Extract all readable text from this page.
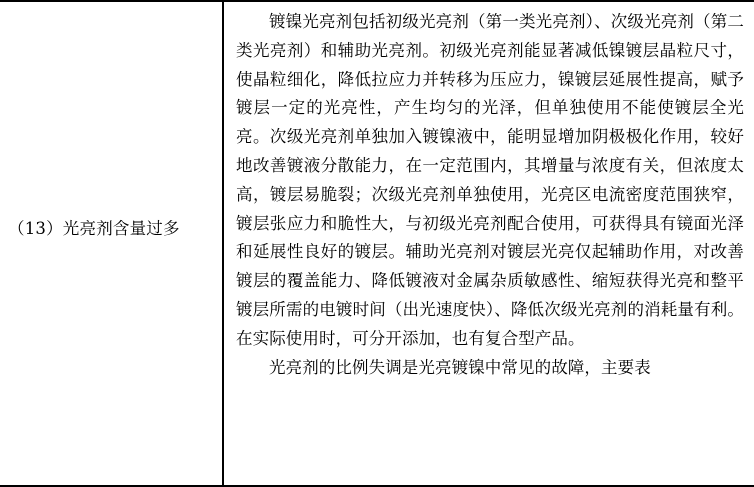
（13）光亮剂含量过多

镀镍光亮剂包括初级光亮剂（第一类光亮剂）、次级光亮剂（第二类光亮剂）和辅助光亮剂。初级光亮剂能显著减低镍镀层晶粒尺寸，使晶粒细化，降低拉应力并转移为压应力，镍镀层延展性提高，赋予镀层一定的光亮性，产生均匀的光泽，但单独使用不能使镀层全光亮。次级光亮剂单独加入镀镍液中，能明显增加阴极极化作用，较好地改善镀液分散能力，在一定范围内，其增量与浓度有关，但浓度太高，镀层易脆裂；次级光亮剂单独使用，光亮区电流密度范围狭窄，镀层张应力和脆性大，与初级光亮剂配合使用，可获得具有镜面光泽和延展性良好的镀层。辅助光亮剂对镀层光亮仅起辅助作用，对改善镀层的覆盖能力、降低镀液对金属杂质敏感性、缩短获得光亮和整平镀层所需的电镀时间（出光速度快）、降低次级光亮剂的消耗量有利。在实际使用时，可分开添加，也有复合型产品。

光亮剂的比例失调是光亮镀镍中常见的故障，主要表
